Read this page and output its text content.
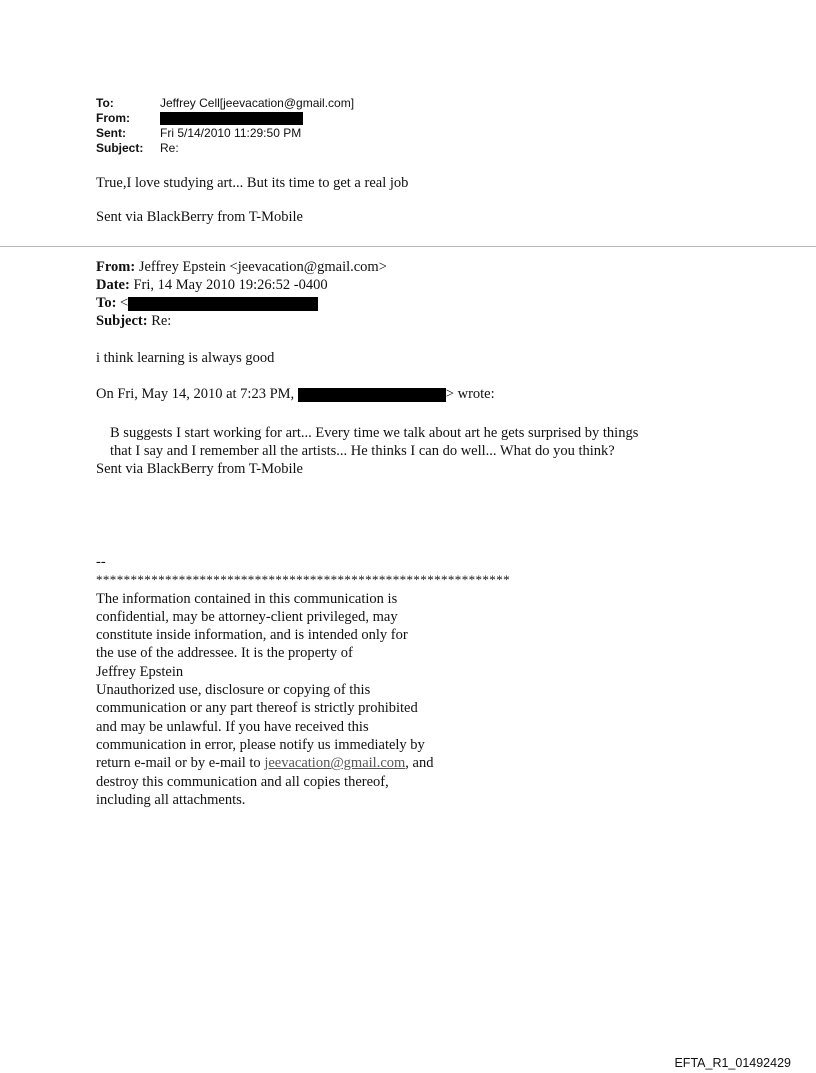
To:	Jeffrey Cell[jeevacation@gmail.com]
From:
Sent:	Fri 5/14/2010 11:29:50 PM
Subject:	Re:
True,I love studying art... But its time to get a real job
Sent via BlackBerry from T-Mobile
From: Jeffrey Epstein <jeevacation@gmail.com>
Date: Fri, 14 May 2010 19:26:52 -0400
To: <
Subject: Re:
i think learning is always good
On Fri, May 14, 2010 at 7:23 PM,	> wrote:
B suggests I start working for art... Every time we talk about art he gets surprised by things
that I say and I remember all the artists... He thinks I can do well... What do you think?
Sent via BlackBerry from T-Mobile
--
************************************************************
The information contained in this communication is
confidential, may be attorney-client privileged, may
constitute inside information, and is intended only for
the use of the addressee. It is the property of
Jeffrey Epstein
Unauthorized use, disclosure or copying of this
communication or any part thereof is strictly prohibited
and may be unlawful. If you have received this
communication in error, please notify us immediately by
return e-mail or by e-mail to jeevacation@gmail.com, and
destroy this communication and all copies thereof,
including all attachments.
EFTA_R1_01492429
